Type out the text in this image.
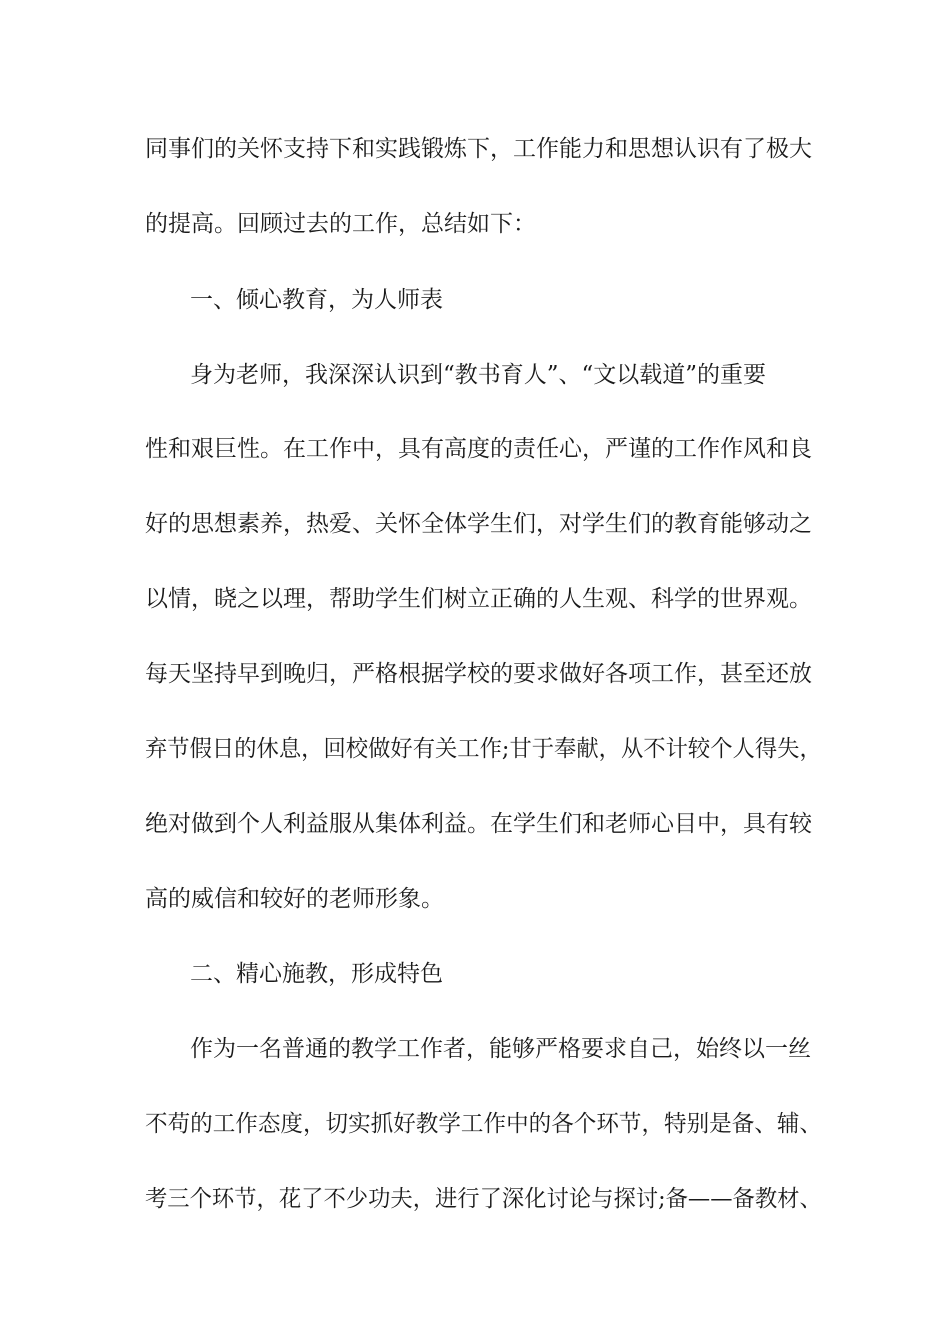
同事们的关怀支持下和实践锻炼下，工作能力和思想认识有了极大
的提高。回顾过去的工作，总结如下：
一、倾心教育，为人师表
身为老师，我深深认识到“教书育人”、“文以载道”的重要
性和艰巨性。在工作中，具有高度的责任心，严谨的工作作风和良
好的思想素养，热爱、关怀全体学生们，对学生们的教育能够动之
以情，晓之以理，帮助学生们树立正确的人生观、科学的世界观。
每天坚持早到晚归，严格根据学校的要求做好各项工作，甚至还放
弃节假日的休息，回校做好有关工作;甘于奉献，从不计较个人得失，
绝对做到个人利益服从集体利益。在学生们和老师心目中，具有较
高的威信和较好的老师形象。
二、精心施教，形成特色
作为一名普通的教学工作者，能够严格要求自己，始终以一丝
不苟的工作态度，切实抓好教学工作中的各个环节，特别是备、辅、
考三个环节，花了不少功夫，进行了深化讨论与探讨;备——备教材、
